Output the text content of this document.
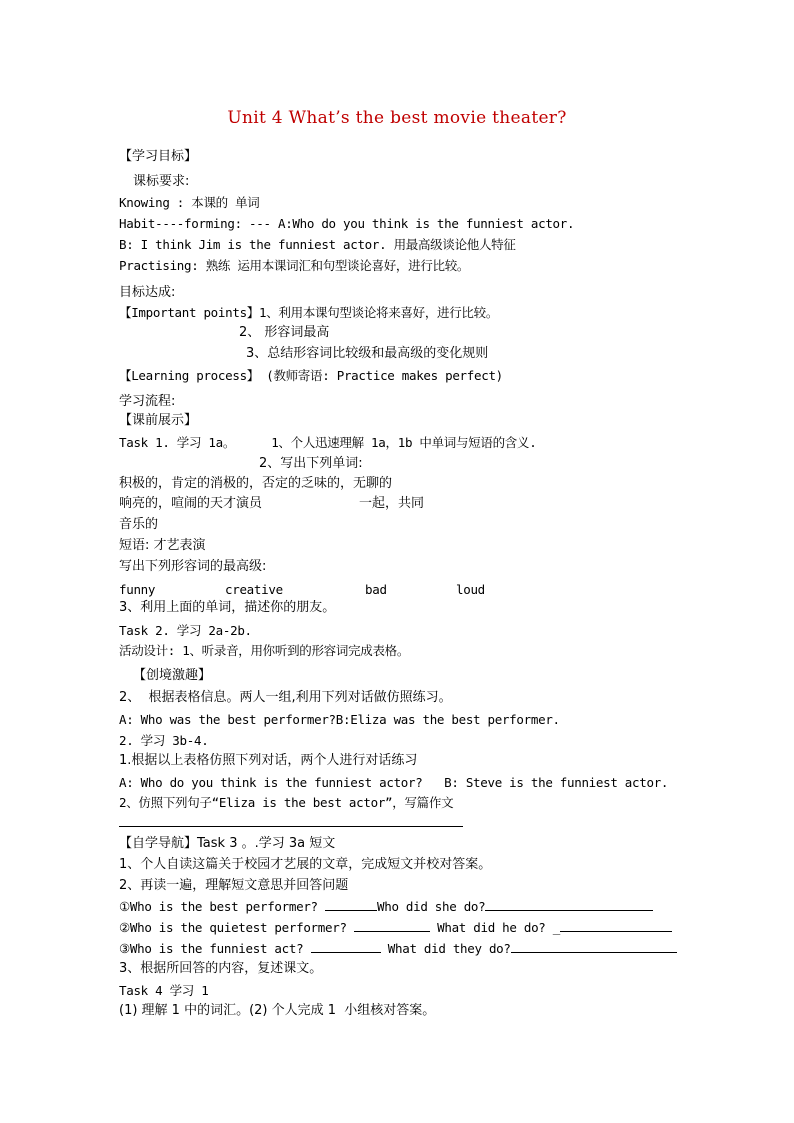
Unit 4 What’s the best movie theater?
【学习目标】
课标要求:
Knowing : 本课的 单词
Habit----forming: --- A:Who do you think is the funniest actor.
B: I think Jim is the funniest actor. 用最高级谈论他人特征
Practising: 熟练 运用本课词汇和句型谈论喜好，进行比较。
目标达成:
【Important points】1、利用本课句型谈论将来喜好，进行比较。
2、 形容词最高
3、总结形容词比较级和最高级的变化规则
【Learning process】 (教师寄语: Practice makes perfect)
学习流程:
【课前展示】
Task 1. 学习 1a。     1、个人迅速理解 1a，1b 中单词与短语的含义.
2、写出下列单词:
积极的，肯定的消极的，否定的乏味的，无聊的
响亮的，喧闹的天才演员	一起，共同
音乐的
短语: 才艺表演
写出下列形容词的最高级:
funny	creative	bad	loud
3、利用上面的单词，描述你的朋友。
Task 2. 学习 2a-2b.
活动设计: 1、听录音，用你听到的形容词完成表格。
【创境激趣】
2、  根据表格信息。两人一组,利用下列对话做仿照练习。
A: Who was the best performer?B:Eliza was the best performer.
2. 学习 3b-4.
1.根据以上表格仿照下列对话，两个人进行对话练习
A: Who do you think is the funniest actor?   B: Steve is the funniest actor.
2、仿照下列句子“Eliza is the best actor”，写篇作文
【自学导航】Task 3 。.学习 3a 短文
1、个人自读这篇关于校园才艺展的文章，完成短文并校对答案。
2、再读一遍，理解短文意思并回答问题
①Who is the best performer?	Who did she do?
②Who is the quietest performer?	What did he do? _
③Who is the funniest act?	What did they do?
3、根据所回答的内容，复述课文。
Task 4 学习 1
(1) 理解 1 中的词汇。(2) 个人完成 1  小组核对答案。
